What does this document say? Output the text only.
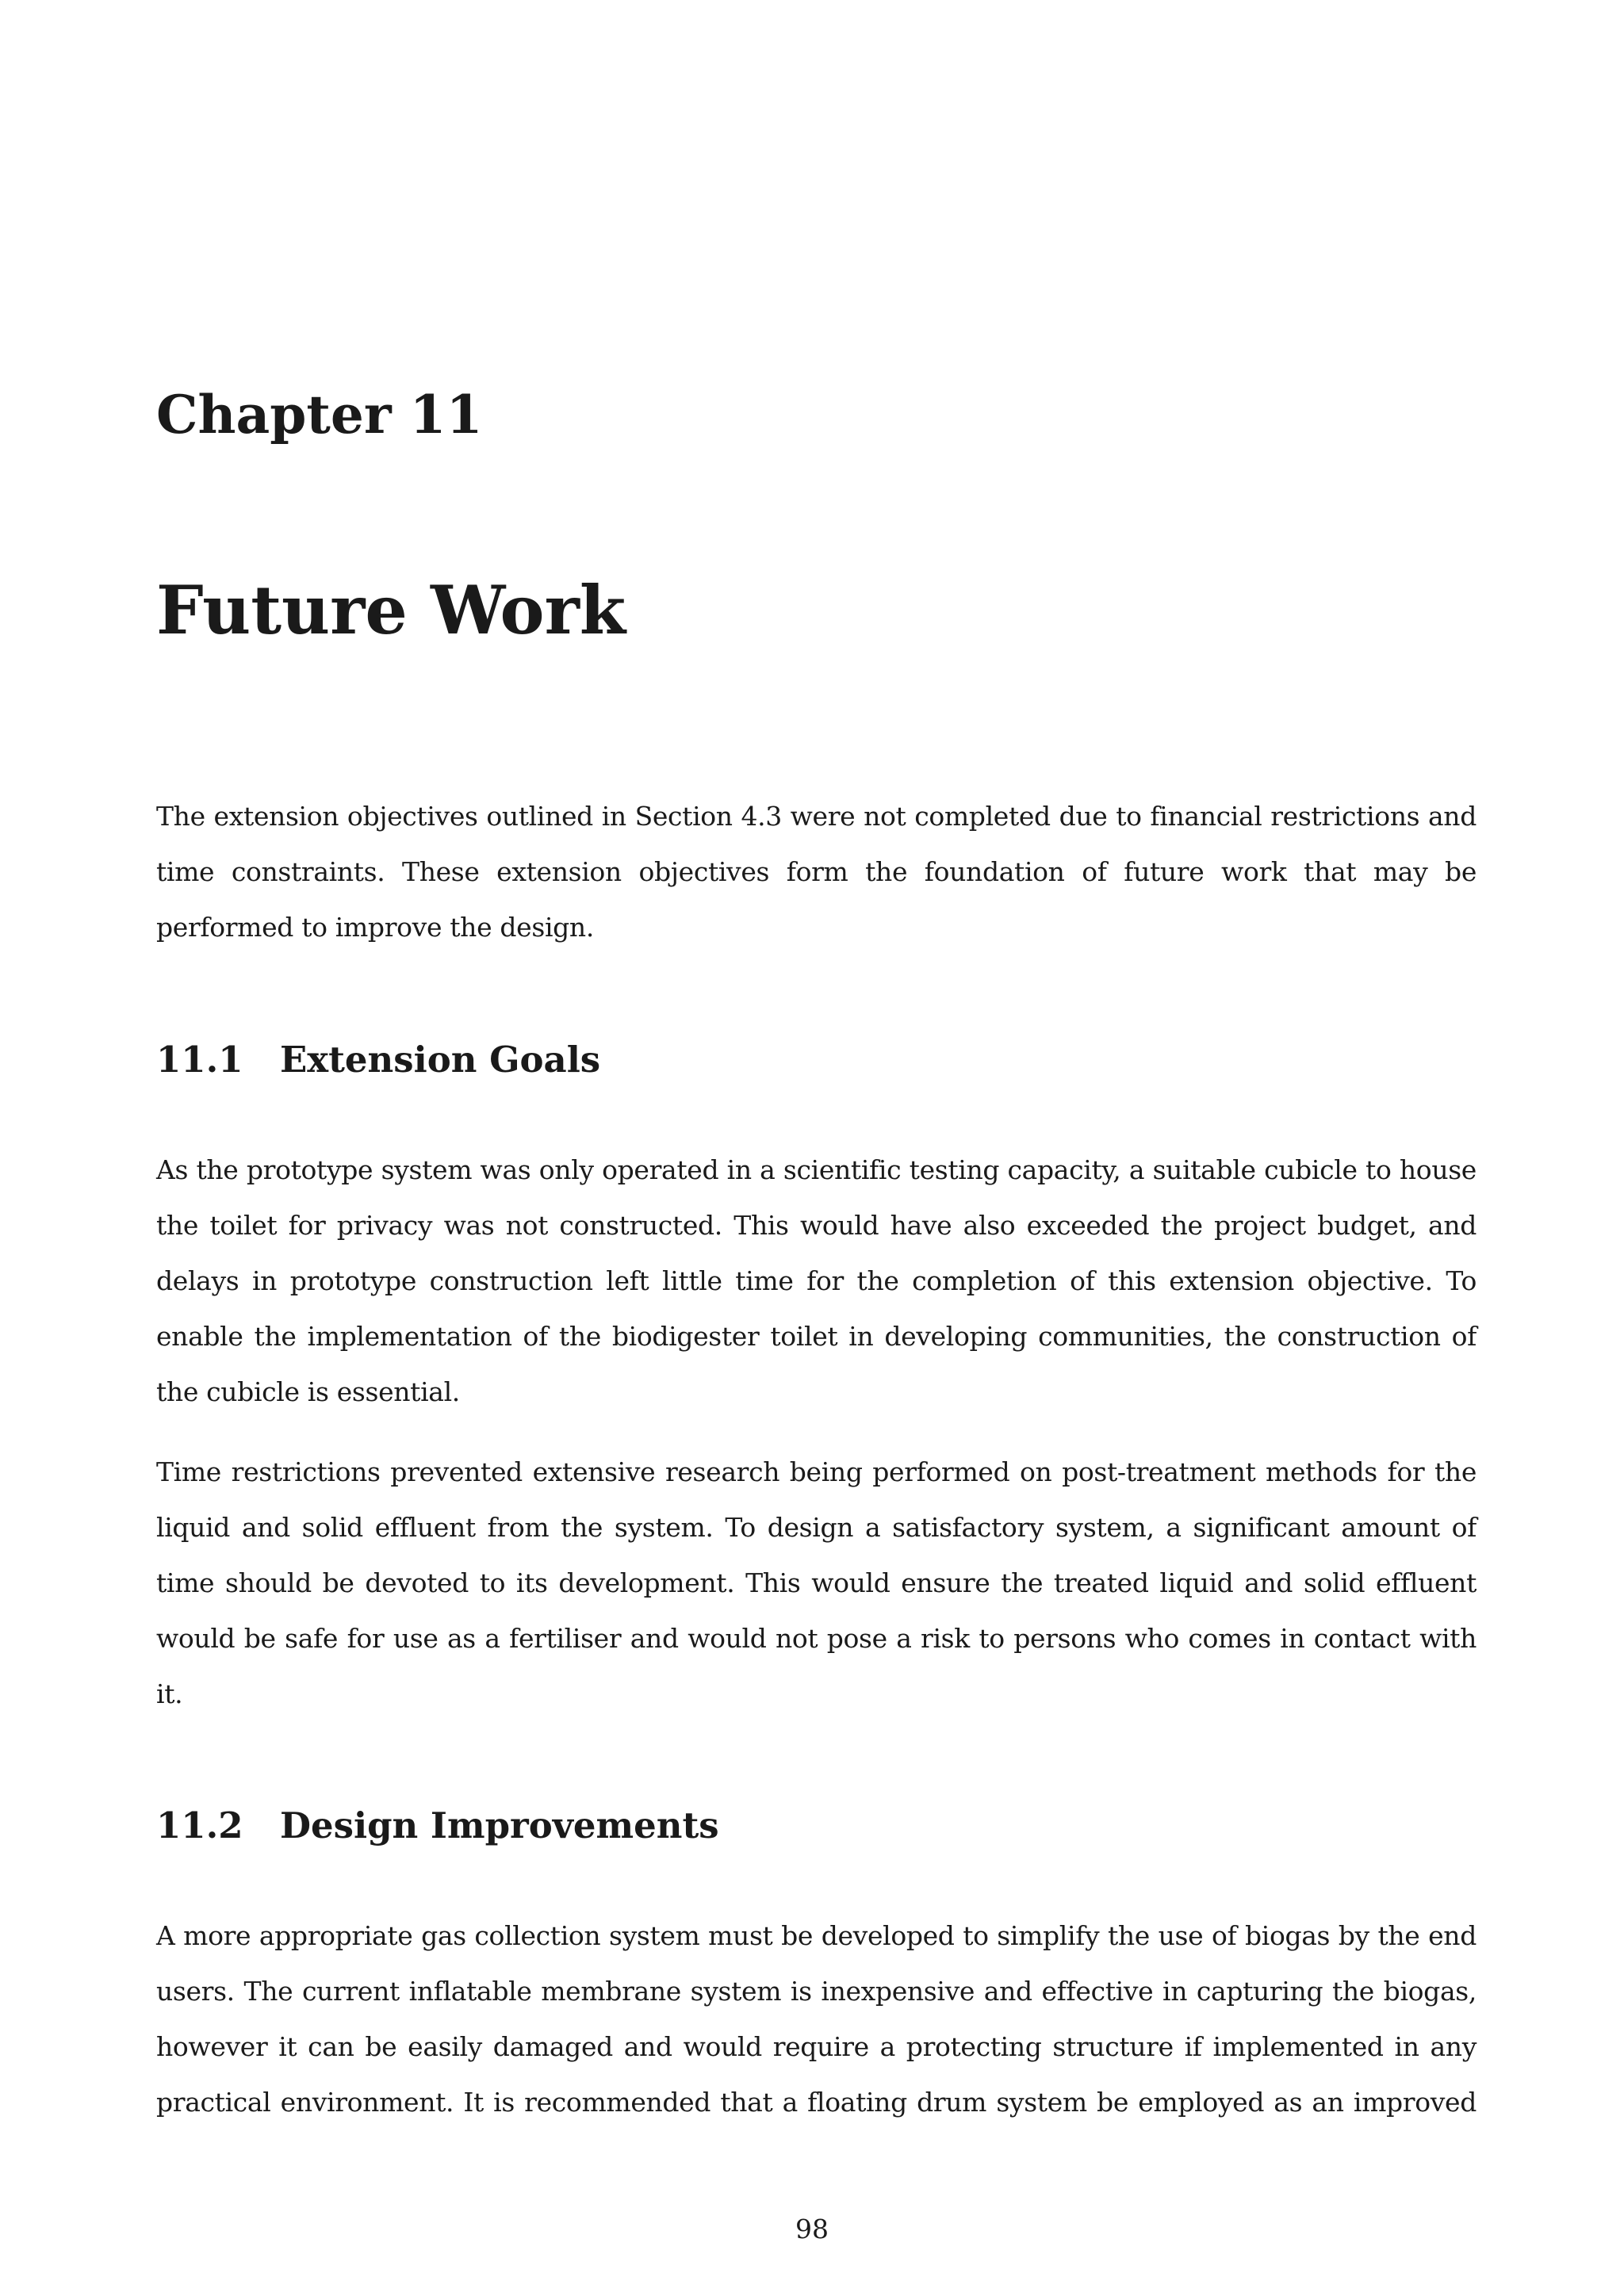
Chapter 11
Future Work

The extension objectives outlined in Section 4.3 were not completed due to financial restrictions and time constraints. These extension objectives form the foundation of future work that may be performed to improve the design.

11.1 Extension Goals

As the prototype system was only operated in a scientific testing capacity, a suitable cubicle to house the toilet for privacy was not constructed. This would have also exceeded the project budget, and delays in prototype construction left little time for the completion of this extension objective. To enable the implementation of the biodigester toilet in developing communities, the construction of the cubicle is essential.

Time restrictions prevented extensive research being performed on post-treatment methods for the liquid and solid effluent from the system. To design a satisfactory system, a significant amount of time should be devoted to its development. This would ensure the treated liquid and solid effluent would be safe for use as a fertiliser and would not pose a risk to persons who comes in contact with it.

11.2 Design Improvements

A more appropriate gas collection system must be developed to simplify the use of biogas by the end users. The current inflatable membrane system is inexpensive and effective in capturing the biogas, however it can be easily damaged and would require a protecting structure if implemented in any practical environment. It is recommended that a floating drum system be employed as an improved

98
